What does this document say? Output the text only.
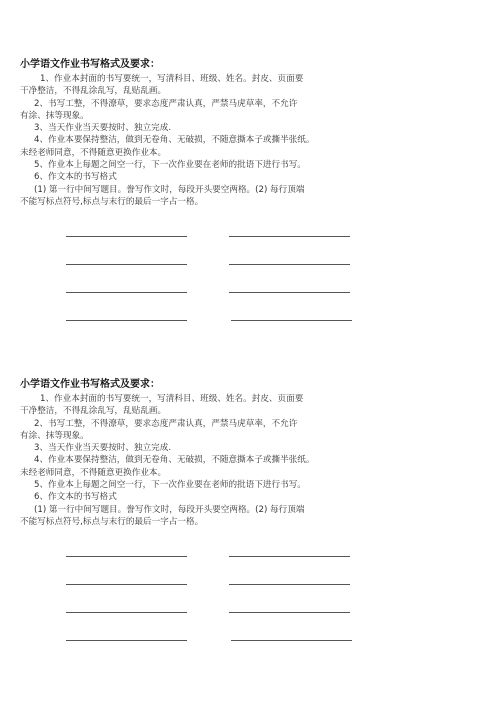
小学语文作业书写格式及要求：
1、作业本封面的书写要统一，写清科目、班级、姓名。封皮、页面要
干净整洁，不得乱涂乱写，乱贴乱画。
2、书写工整，不得潦草，要求态度严肃认真，严禁马虎草率，不允许
有涂、抹等现象。
3、当天作业当天要按时、独立完成.
4、作业本要保持整洁，做到无卷角、无破损，不随意撕本子或撕半张纸。
未经老师同意，不得随意更换作业本。
5、作业本上每题之间空一行，下一次作业要在老师的批语下进行书写。
6、作文本的书写格式
(1) 第一行中间写题目。誊写作文时，每段开头要空两格。(2) 每行顶端
不能写标点符号,标点与末行的最后一字占一格。
小学语文作业书写格式及要求：
1、作业本封面的书写要统一，写清科目、班级、姓名。封皮、页面要
干净整洁，不得乱涂乱写，乱贴乱画。
2、书写工整，不得潦草，要求态度严肃认真，严禁马虎草率，不允许
有涂、抹等现象。
3、当天作业当天要按时、独立完成.
4、作业本要保持整洁，做到无卷角、无破损，不随意撕本子或撕半张纸。
未经老师同意，不得随意更换作业本。
5、作业本上每题之间空一行，下一次作业要在老师的批语下进行书写。
6、作文本的书写格式
(1) 第一行中间写题目。誊写作文时，每段开头要空两格。(2) 每行顶端
不能写标点符号,标点与末行的最后一字占一格。
